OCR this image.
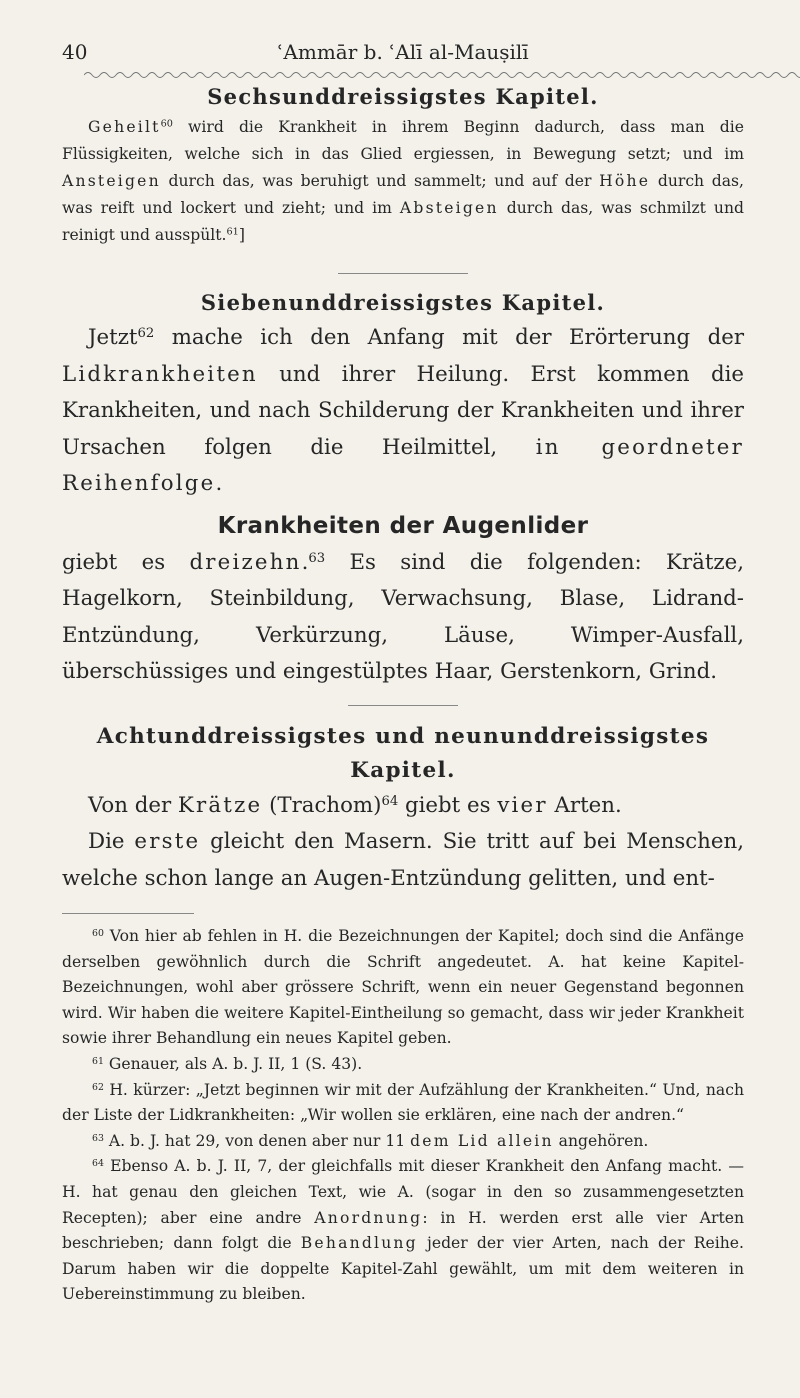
40	ʿAmmār b. ʿAlī al-Mauṣilī
Sechsunddreissigstes Kapitel.

Geheilt$^{60}$ wird die Krankheit in ihrem Beginn dadurch, dass man die Flüssigkeiten, welche sich in das Glied ergiessen, in Bewegung setzt; und im Ansteigen durch das, was beruhigt und sammelt; und auf der Höhe durch das, was reift und lockert und zieht; und im Absteigen durch das, was schmilzt und reinigt und ausspült.$^{61}$]

Siebenunddreissigstes Kapitel.

Jetzt$^{62}$ mache ich den Anfang mit der Erörterung der Lidkrankheiten und ihrer Heilung. Erst kommen die Krankheiten, und nach Schilderung der Krankheiten und ihrer Ursachen folgen die Heilmittel, in geordneter Reihenfolge.

Krankheiten der Augenlider

giebt es dreizehn.$^{63}$ Es sind die folgenden: Krätze, Hagelkorn, Steinbildung, Verwachsung, Blase, Lidrand-Entzündung, Verkürzung, Läuse, Wimper-Ausfall, überschüssiges und eingestülptes Haar, Gerstenkorn, Grind.

Achtunddreissigstes und neununddreissigstes Kapitel.

Von der Krätze (Trachom)$^{64}$ giebt es vier Arten.

Die erste gleicht den Masern. Sie tritt auf bei Menschen, welche schon lange an Augen-Entzündung gelitten, und ent-

$^{60}$ Von hier ab fehlen in H. die Bezeichnungen der Kapitel; doch sind die Anfänge derselben gewöhnlich durch die Schrift angedeutet. A. hat keine Kapitel-Bezeichnungen, wohl aber grössere Schrift, wenn ein neuer Gegenstand begonnen wird. Wir haben die weitere Kapitel-Eintheilung so gemacht, dass wir jeder Krankheit sowie ihrer Behandlung ein neues Kapitel geben.

$^{61}$ Genauer, als A. b. J. II, 1 (S. 43).

$^{62}$ H. kürzer: „Jetzt beginnen wir mit der Aufzählung der Krankheiten.“ Und, nach der Liste der Lidkrankheiten: „Wir wollen sie erklären, eine nach der andren.“

$^{63}$ A. b. J. hat 29, von denen aber nur 11 dem Lid allein angehören.

$^{64}$ Ebenso A. b. J. II, 7, der gleichfalls mit dieser Krankheit den Anfang macht. — H. hat genau den gleichen Text, wie A. (sogar in den so zusammengesetzten Recepten); aber eine andre Anordnung: in H. werden erst alle vier Arten beschrieben; dann folgt die Behandlung jeder der vier Arten, nach der Reihe. Darum haben wir die doppelte Kapitel-Zahl gewählt, um mit dem weiteren in Uebereinstimmung zu bleiben.
